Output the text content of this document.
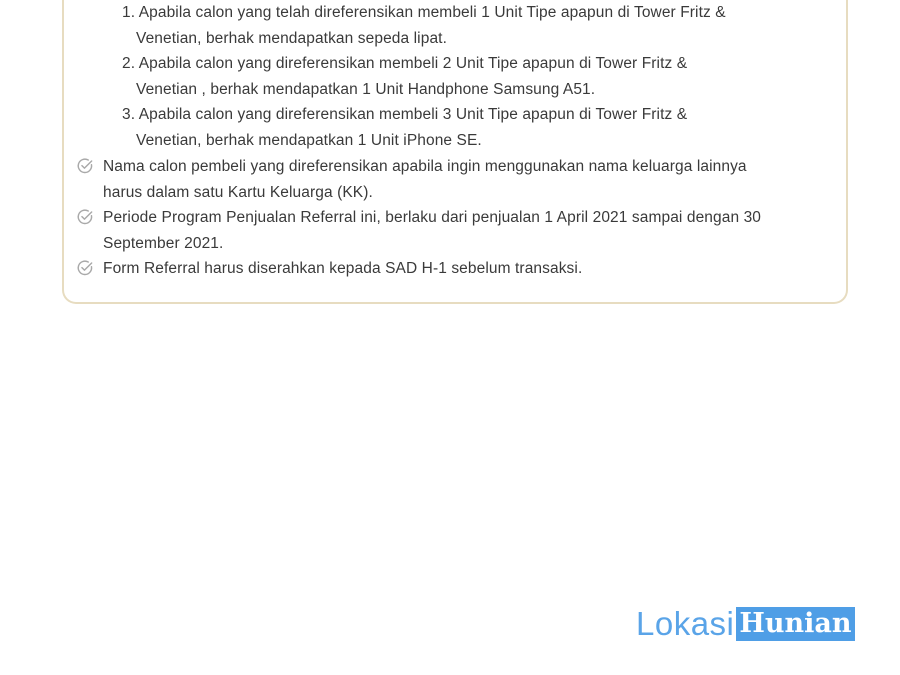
1. Apabila calon yang telah direferensikan membeli 1 Unit Tipe apapun di Tower Fritz &
Venetian, berhak mendapatkan sepeda lipat.
2. Apabila calon yang direferensikan membeli 2 Unit Tipe apapun di Tower Fritz &
Venetian , berhak mendapatkan 1 Unit Handphone Samsung A51.
3. Apabila calon yang direferensikan membeli 3 Unit Tipe apapun di Tower Fritz &
Venetian, berhak mendapatkan 1 Unit iPhone SE.
Nama calon pembeli yang direferensikan apabila ingin menggunakan nama keluarga lainnya
harus dalam satu Kartu Keluarga (KK).
Periode Program Penjualan Referral ini, berlaku dari penjualan 1 April 2021 sampai dengan 30
September 2021.
Form Referral harus diserahkan kepada SAD H-1 sebelum transaksi.
Lokasi Hunian
